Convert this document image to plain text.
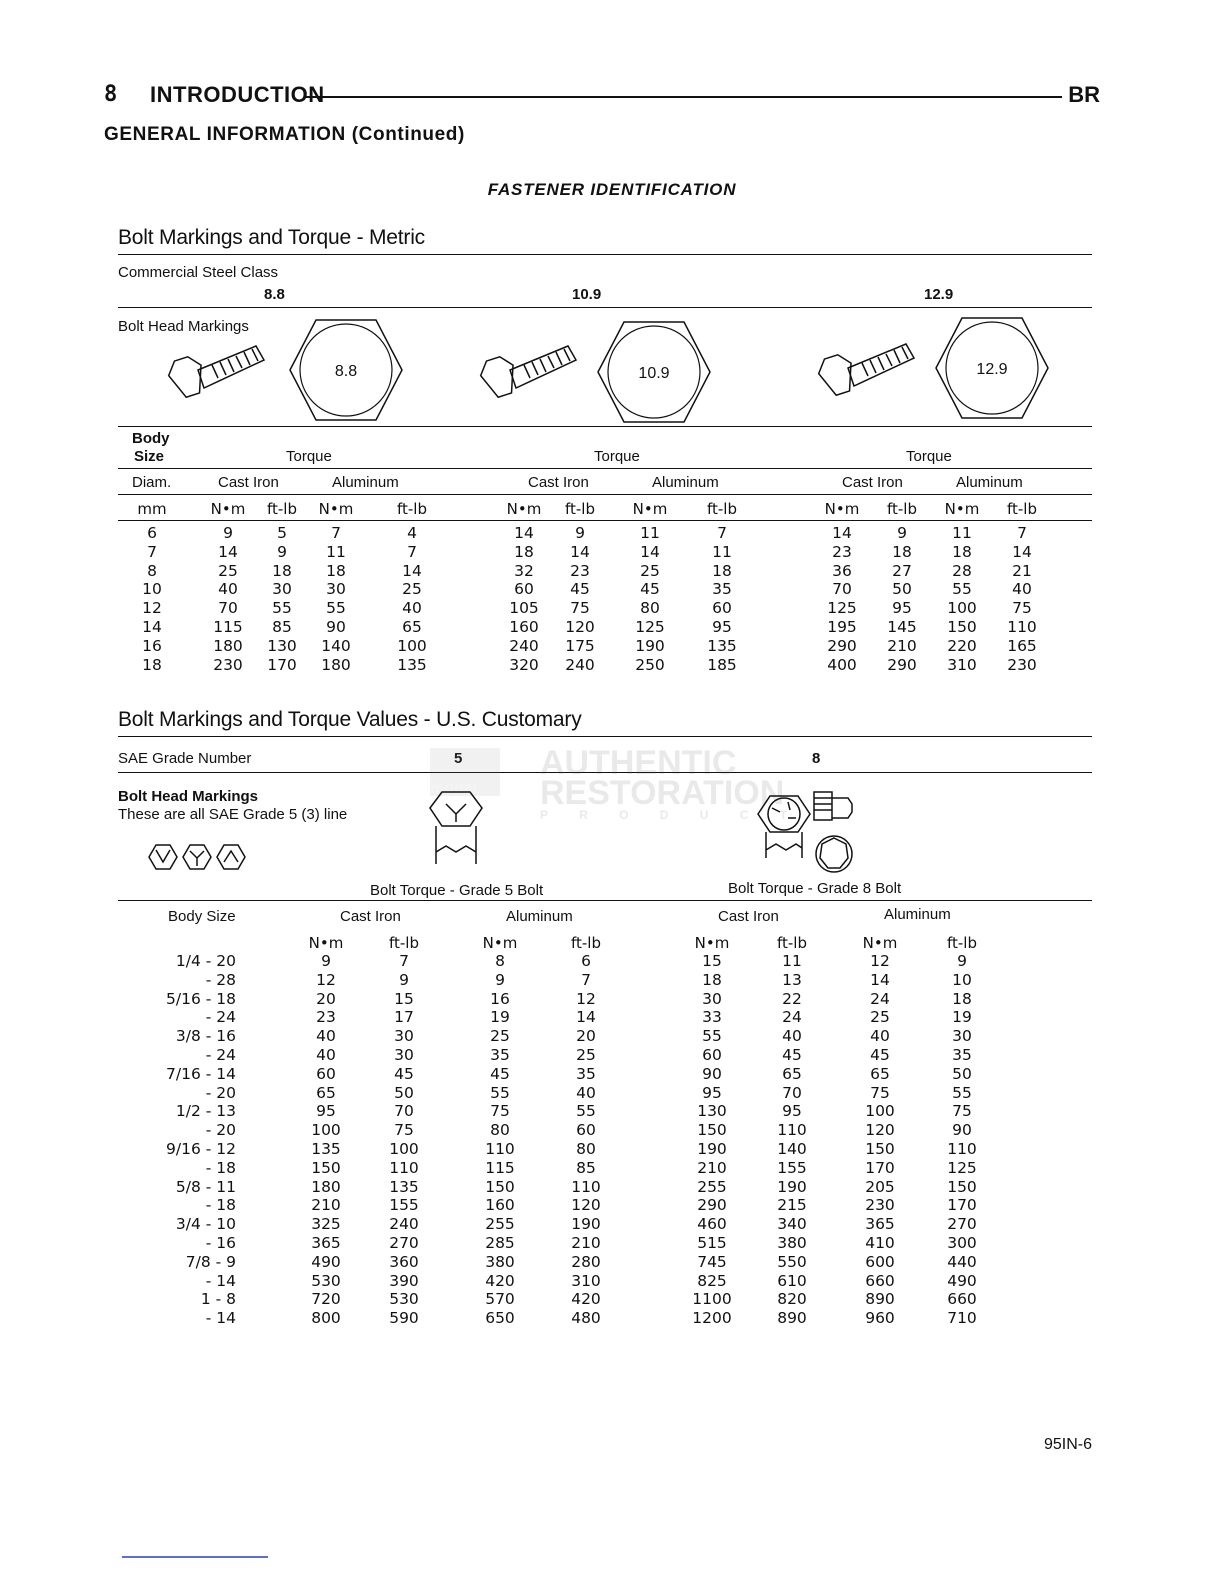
8 INTRODUCTION	BR
GENERAL INFORMATION (Continued)
FASTENER IDENTIFICATION
Bolt Markings and Torque - Metric
Commercial Steel Class
8.8	10.9	12.9
Bolt Head Markings
8.8	10.9	12.9
Body
Size	Torque	Torque	Torque
Diam.	Cast Iron	Aluminum	Cast Iron	Aluminum	Cast Iron	Aluminum
mm	N•m	ft-lb	N•m	ft-lb	N•m	ft-lb	N•m	ft-lb	N•m	ft-lb	N•m	ft-lb
6	9	5	7	4	14	9	11	7	14	9	11	7
7	14	9	11	7	18	14	14	11	23	18	18	14
8	25	18	18	14	32	23	25	18	36	27	28	21
10	40	30	30	25	60	45	45	35	70	50	55	40
12	70	55	55	40	105	75	80	60	125	95	100	75
14	115	85	90	65	160	120	125	95	195	145	150	110
16	180	130	140	100	240	175	190	135	290	210	220	165
18	230	170	180	135	320	240	250	185	400	290	310	230
Bolt Markings and Torque Values - U.S. Customary
SAE Grade Number	5	8
Bolt Head Markings
These are all SAE Grade 5 (3) line
mopar
AUTHENTIC
RESTORATION
P R O D U C T
Bolt Torque - Grade 5 Bolt	Bolt Torque - Grade 8 Bolt
Body Size	Cast Iron	Aluminum	Cast Iron	Aluminum
N•m	ft-lb	N•m	ft-lb	N•m	ft-lb	N•m	ft-lb
1/4 - 20	9	7	8	6	15	11	12	9
- 28	12	9	9	7	18	13	14	10
5/16 - 18	20	15	16	12	30	22	24	18
- 24	23	17	19	14	33	24	25	19
3/8 - 16	40	30	25	20	55	40	40	30
- 24	40	30	35	25	60	45	45	35
7/16 - 14	60	45	45	35	90	65	65	50
- 20	65	50	55	40	95	70	75	55
1/2 - 13	95	70	75	55	130	95	100	75
- 20	100	75	80	60	150	110	120	90
9/16 - 12	135	100	110	80	190	140	150	110
- 18	150	110	115	85	210	155	170	125
5/8 - 11	180	135	150	110	255	190	205	150
- 18	210	155	160	120	290	215	230	170
3/4 - 10	325	240	255	190	460	340	365	270
- 16	365	270	285	210	515	380	410	300
7/8 - 9	490	360	380	280	745	550	600	440
- 14	530	390	420	310	825	610	660	490
1 - 8	720	530	570	420	1100	820	890	660
- 14	800	590	650	480	1200	890	960	710
95IN-6
